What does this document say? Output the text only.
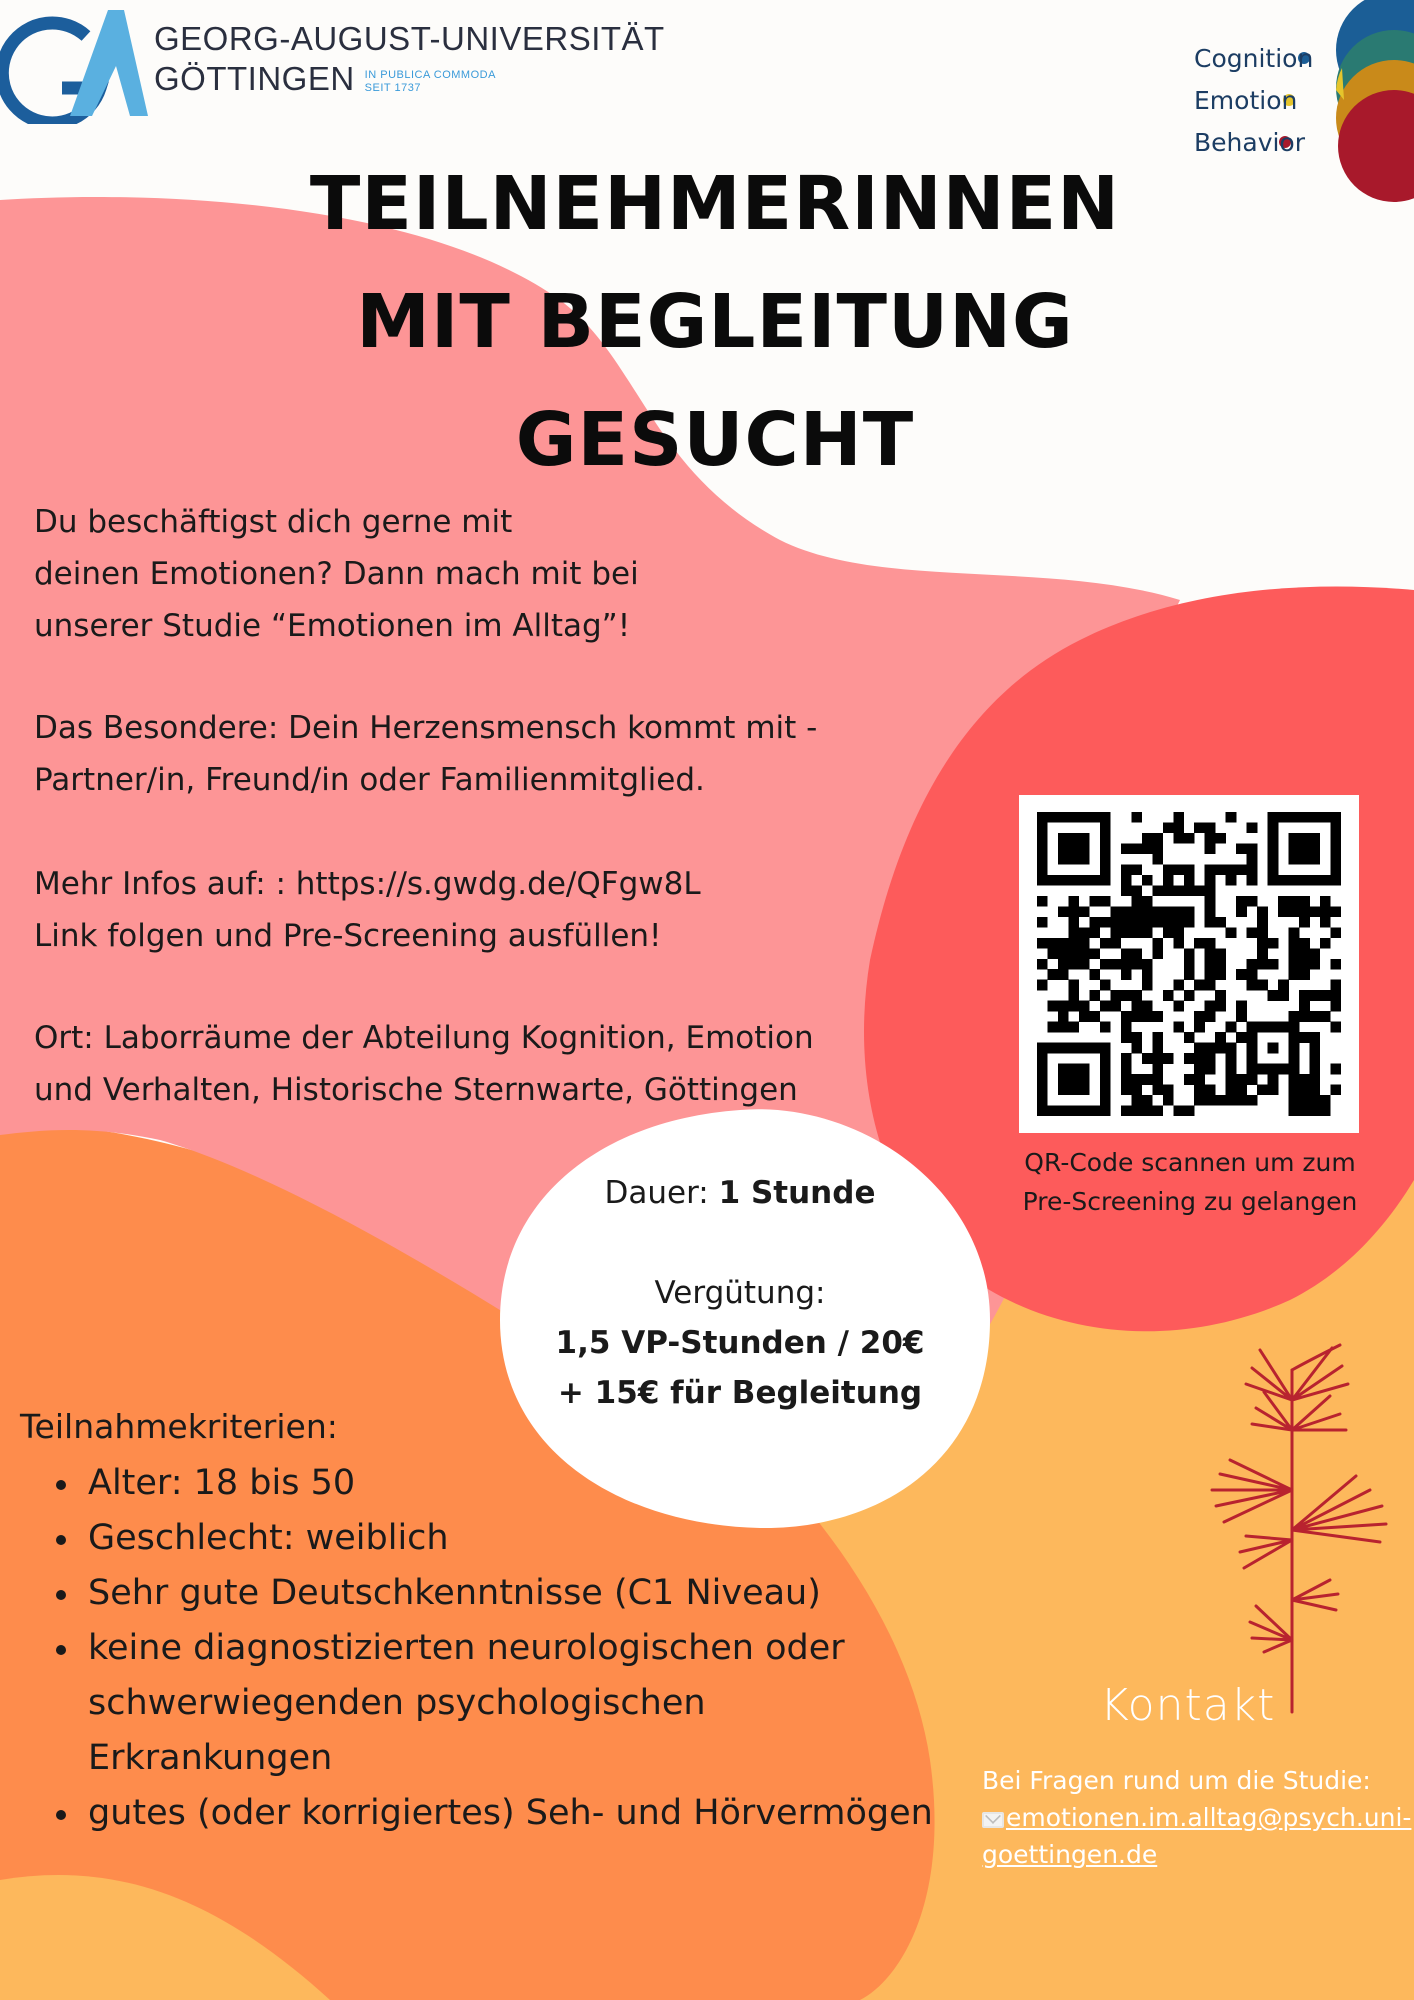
GEORG-AUGUST-UNIVERSITÄT
GÖTTINGEN IN PUBLICA COMMODA
SEIT 1737
Cognition
Emotion
Behavior
TEILNEHMERINNEN
MIT BEGLEITUNG
GESUCHT
Du beschäftigst dich gerne mit
deinen Emotionen? Dann mach mit bei
unserer Studie “Emotionen im Alltag”!
Das Besondere: Dein Herzensmensch kommt mit -
Partner/in, Freund/in oder Familienmitglied.
Mehr Infos auf: : https://s.gwdg.de/QFgw8L
Link folgen und Pre-Screening ausfüllen!
Ort: Laborräume der Abteilung Kognition, Emotion
und Verhalten, Historische Sternwarte, Göttingen
QR-Code scannen um zum
Pre-Screening zu gelangen
Dauer: 1 Stunde
Vergütung:
1,5 VP-Stunden / 20€
+ 15€ für Begleitung
Teilnahmekriterien:
Alter: 18 bis 50
Geschlecht: weiblich
Sehr gute Deutschkenntnisse (C1 Niveau)
keine diagnostizierten neurologischen oder
schwerwiegenden psychologischen
Erkrankungen
gutes (oder korrigiertes) Seh- und Hörvermögen
Kontakt
Bei Fragen rund um die Studie:
emotionen.im.alltag@psych.uni-
goettingen.de
